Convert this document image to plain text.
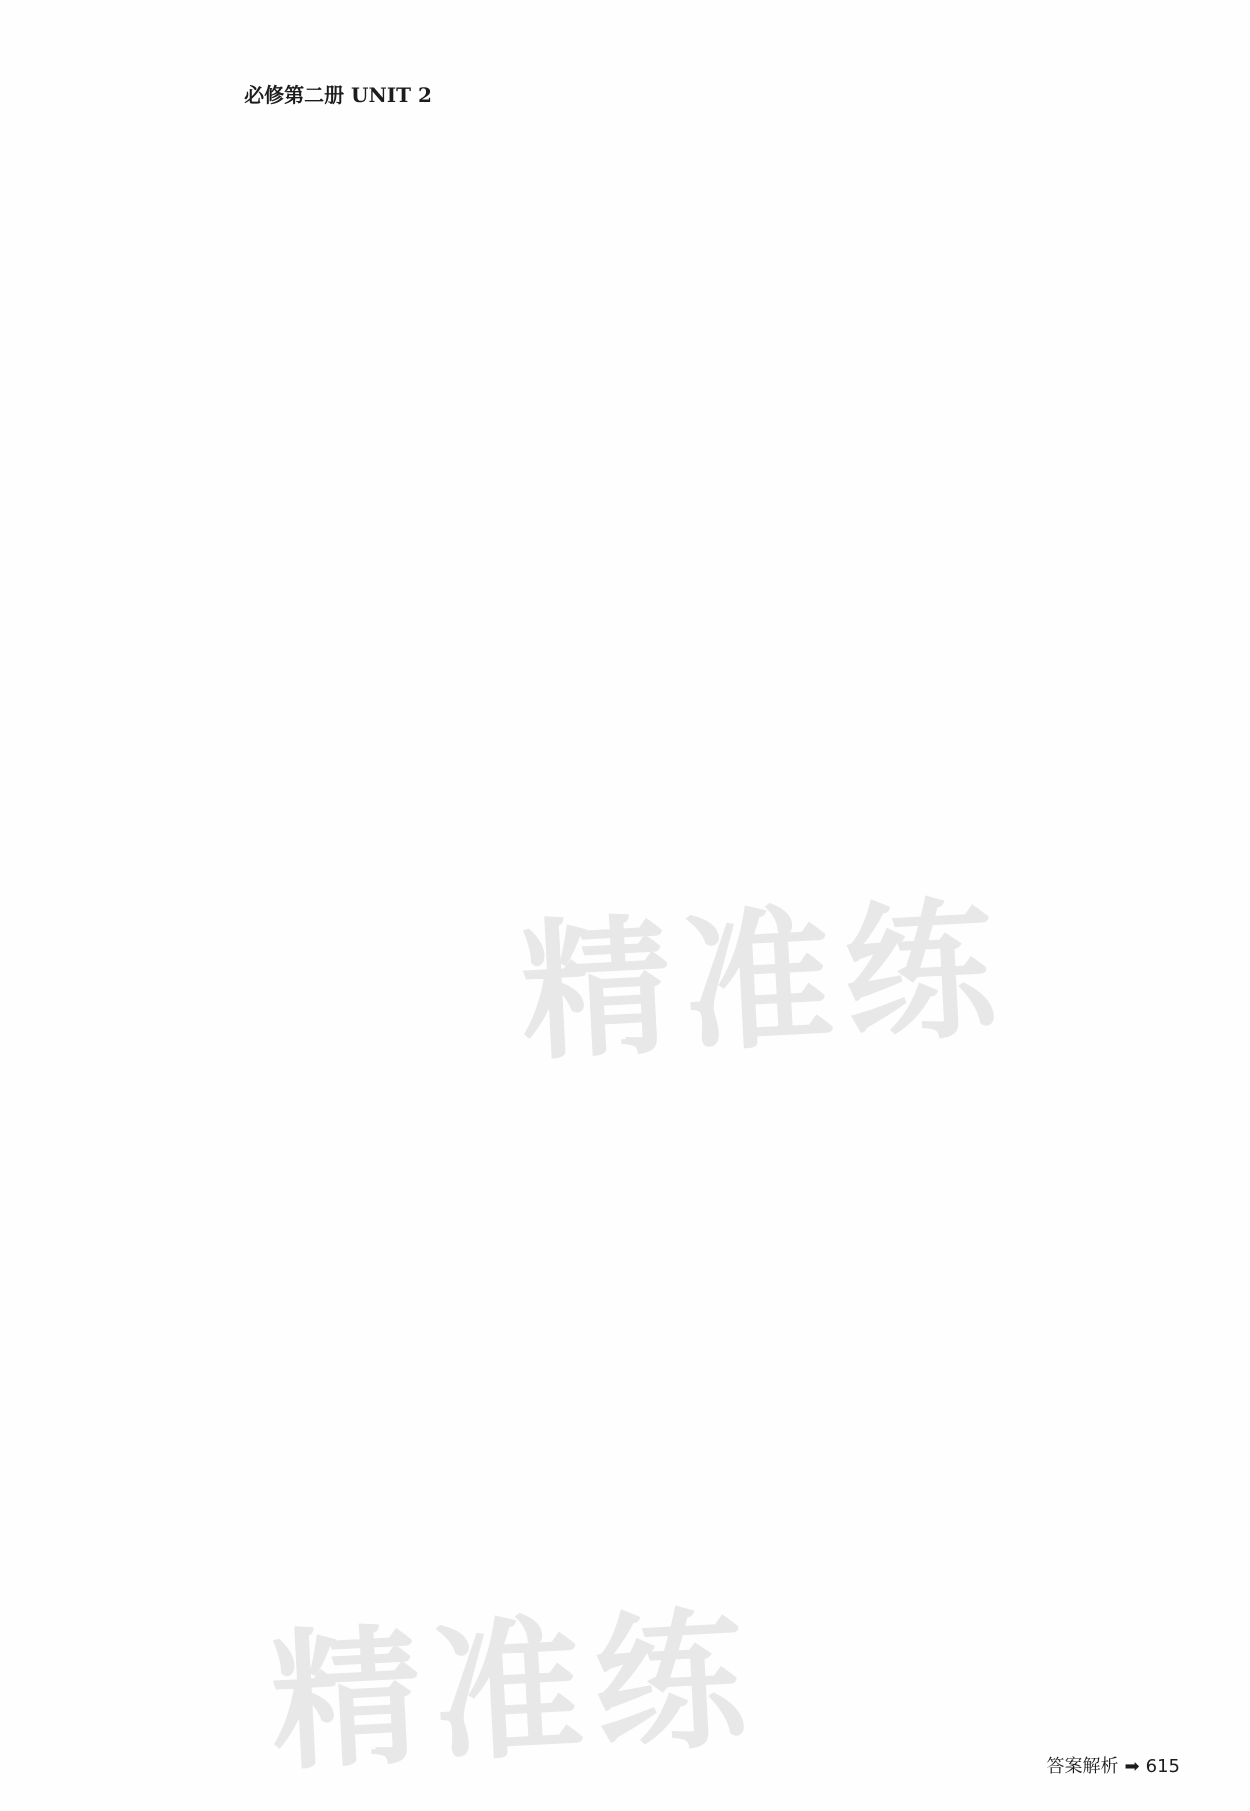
必修第二册 UNIT 2

精准练
精准练	答案解析 ➡ 615
